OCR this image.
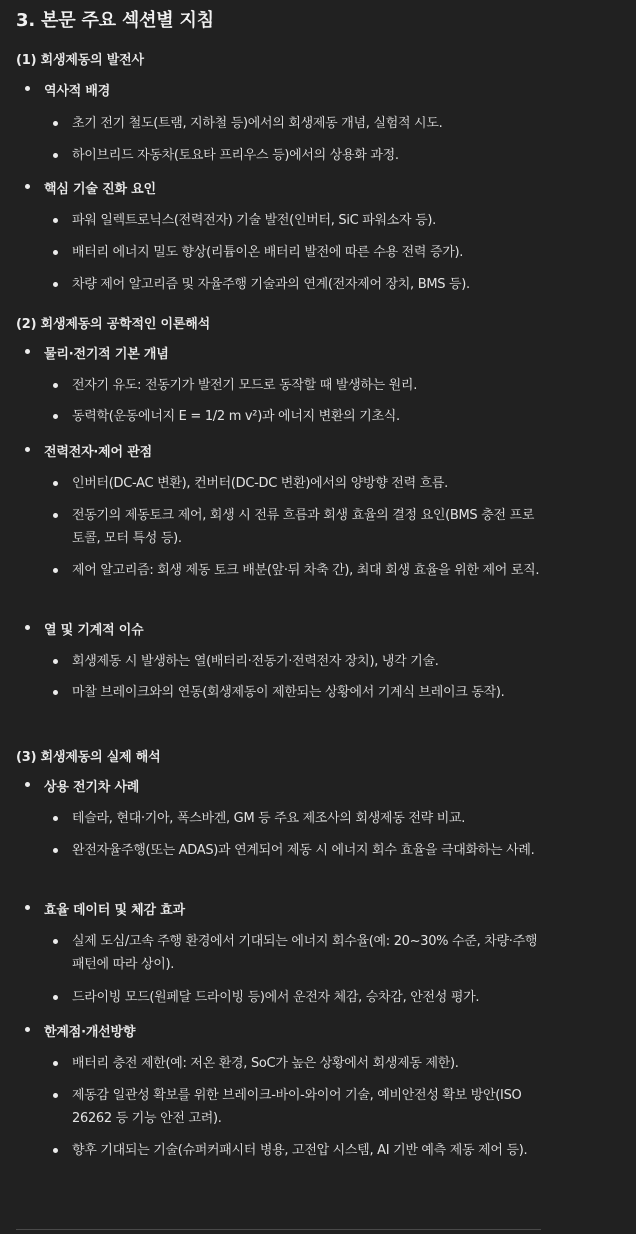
3. 본문 주요 섹션별 지침
(1) 회생제동의 발전사
역사적 배경
초기 전기 철도(트램, 지하철 등)에서의 회생제동 개념, 실험적 시도.
하이브리드 자동차(토요타 프리우스 등)에서의 상용화 과정.
핵심 기술 진화 요인
파워 일렉트로닉스(전력전자) 기술 발전(인버터, SiC 파워소자 등).
배터리 에너지 밀도 향상(리튬이온 배터리 발전에 따른 수용 전력 증가).
차량 제어 알고리즘 및 자율주행 기술과의 연계(전자제어 장치, BMS 등).
(2) 회생제동의 공학적인 이론해석
물리·전기적 기본 개념
전자기 유도: 전동기가 발전기 모드로 동작할 때 발생하는 원리.
동력학(운동에너지 E = 1/2 m v²)과 에너지 변환의 기초식.
전력전자·제어 관점
인버터(DC-AC 변환), 컨버터(DC-DC 변환)에서의 양방향 전력 흐름.
전동기의 제동토크 제어, 회생 시 전류 흐름과 회생 효율의 결정 요인(BMS 충전 프로토콜, 모터 특성 등).
제어 알고리즘: 회생 제동 토크 배분(앞·뒤 차축 간), 최대 회생 효율을 위한 제어 로직.
열 및 기계적 이슈
회생제동 시 발생하는 열(배터리·전동기·전력전자 장치), 냉각 기술.
마찰 브레이크와의 연동(회생제동이 제한되는 상황에서 기계식 브레이크 동작).
(3) 회생제동의 실제 해석
상용 전기차 사례
테슬라, 현대·기아, 폭스바겐, GM 등 주요 제조사의 회생제동 전략 비교.
완전자율주행(또는 ADAS)과 연계되어 제동 시 에너지 회수 효율을 극대화하는 사례.
효율 데이터 및 체감 효과
실제 도심/고속 주행 환경에서 기대되는 에너지 회수율(예: 20~30% 수준, 차량·주행패턴에 따라 상이).
드라이빙 모드(원페달 드라이빙 등)에서 운전자 체감, 승차감, 안전성 평가.
한계점·개선방향
배터리 충전 제한(예: 저온 환경, SoC가 높은 상황에서 회생제동 제한).
제동감 일관성 확보를 위한 브레이크-바이-와이어 기술, 예비안전성 확보 방안(ISO 26262 등 기능 안전 고려).
향후 기대되는 기술(슈퍼커패시터 병용, 고전압 시스템, AI 기반 예측 제동 제어 등).
